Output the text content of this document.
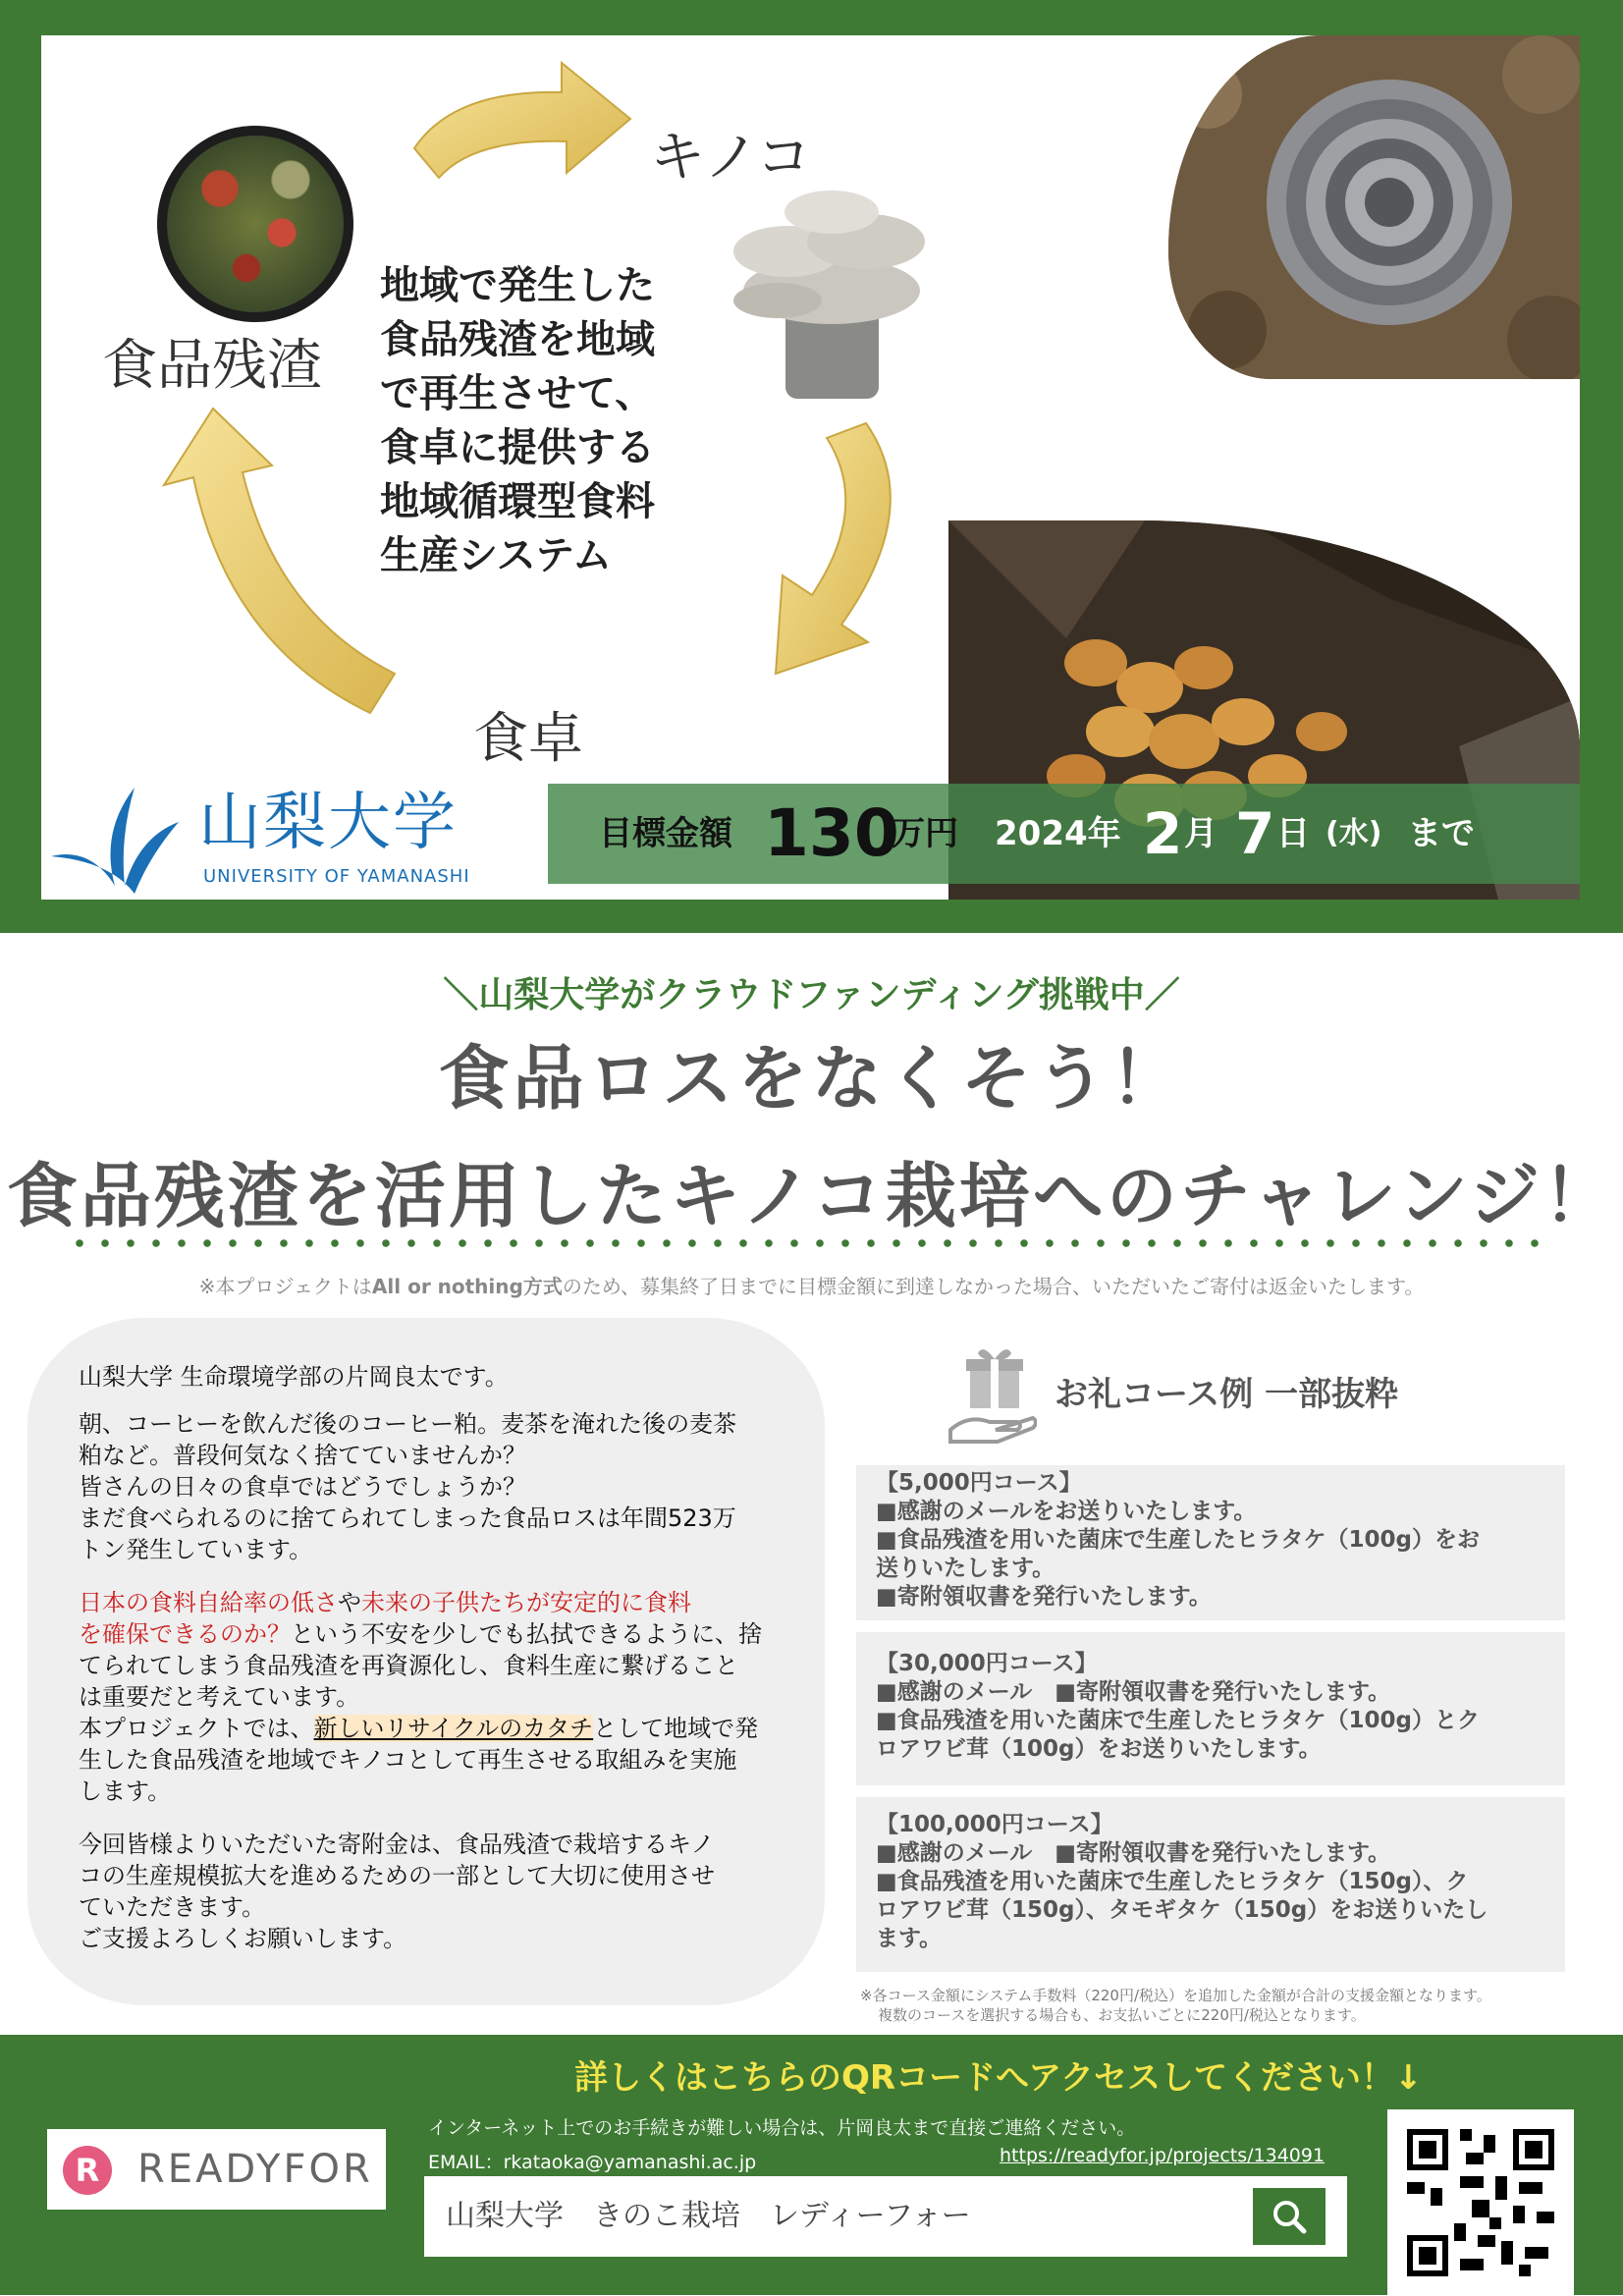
キノコ
食品残渣
食卓
地域で発生した
食品残渣を地域
で再生させて、
食卓に提供する
地域循環型食料
生産システム
山梨大学
UNIVERSITY OF YAMANASHI
目標金額 130
万円 2024年 2 月 7 日 (水) まで
＼山梨大学がクラウドファンディング挑戦中／
食品ロスをなくそう！
食品残渣を活用したキノコ栽培へのチャレンジ！
※本プロジェクトはAll or nothing方式のため、募集終了日までに目標金額に到達しなかった場合、いただいたご寄付は返金いたします。
山梨大学 生命環境学部の片岡良太です。
朝、コーヒーを飲んだ後のコーヒー粕。麦茶を淹れた後の麦茶
粕など。普段何気なく捨てていませんか？
皆さんの日々の食卓ではどうでしょうか？
まだ食べられるのに捨てられてしまった食品ロスは年間523万
トン発生しています。
日本の食料自給率の低さや未来の子供たちが安定的に食料
を確保できるのか？という不安を少しでも払拭できるように、捨
てられてしまう食品残渣を再資源化し、食料生産に繋げること
は重要だと考えています。
本プロジェクトでは、新しいリサイクルのカタチとして地域で発
生した食品残渣を地域でキノコとして再生させる取組みを実施
します。
今回皆様よりいただいた寄附金は、食品残渣で栽培するキノ
コの生産規模拡大を進めるための一部として大切に使用させ
ていただきます。
ご支援よろしくお願いします。
お礼コース例 一部抜粋
【5,000円コース】
■感謝のメールをお送りいたします。
■食品残渣を用いた菌床で生産したヒラタケ（100g）をお
送りいたします。
■寄附領収書を発行いたします。
【30,000円コース】
■感謝のメール　■寄附領収書を発行いたします。
■食品残渣を用いた菌床で生産したヒラタケ（100g）とク
ロアワビ茸（100g）をお送りいたします。
【100,000円コース】
■感謝のメール　■寄附領収書を発行いたします。
■食品残渣を用いた菌床で生産したヒラタケ（150g）、ク
ロアワビ茸（150g）、タモギタケ（150g）をお送りいたし
ます。
※各コース金額にシステム手数料（220円/税込）を追加した金額が合計の支援金額となります。
複数のコースを選択する場合も、お支払いごとに220円/税込となります。
詳しくはこちらのQRコードへアクセスしてください！↓
R READYFOR
インターネット上でのお手続きが難しい場合は、片岡良太まで直接ご連絡ください。
EMAIL：rkataoka@yamanashi.ac.jp	https://readyfor.jp/projects/134091
山梨大学　きのこ栽培　レディーフォー
